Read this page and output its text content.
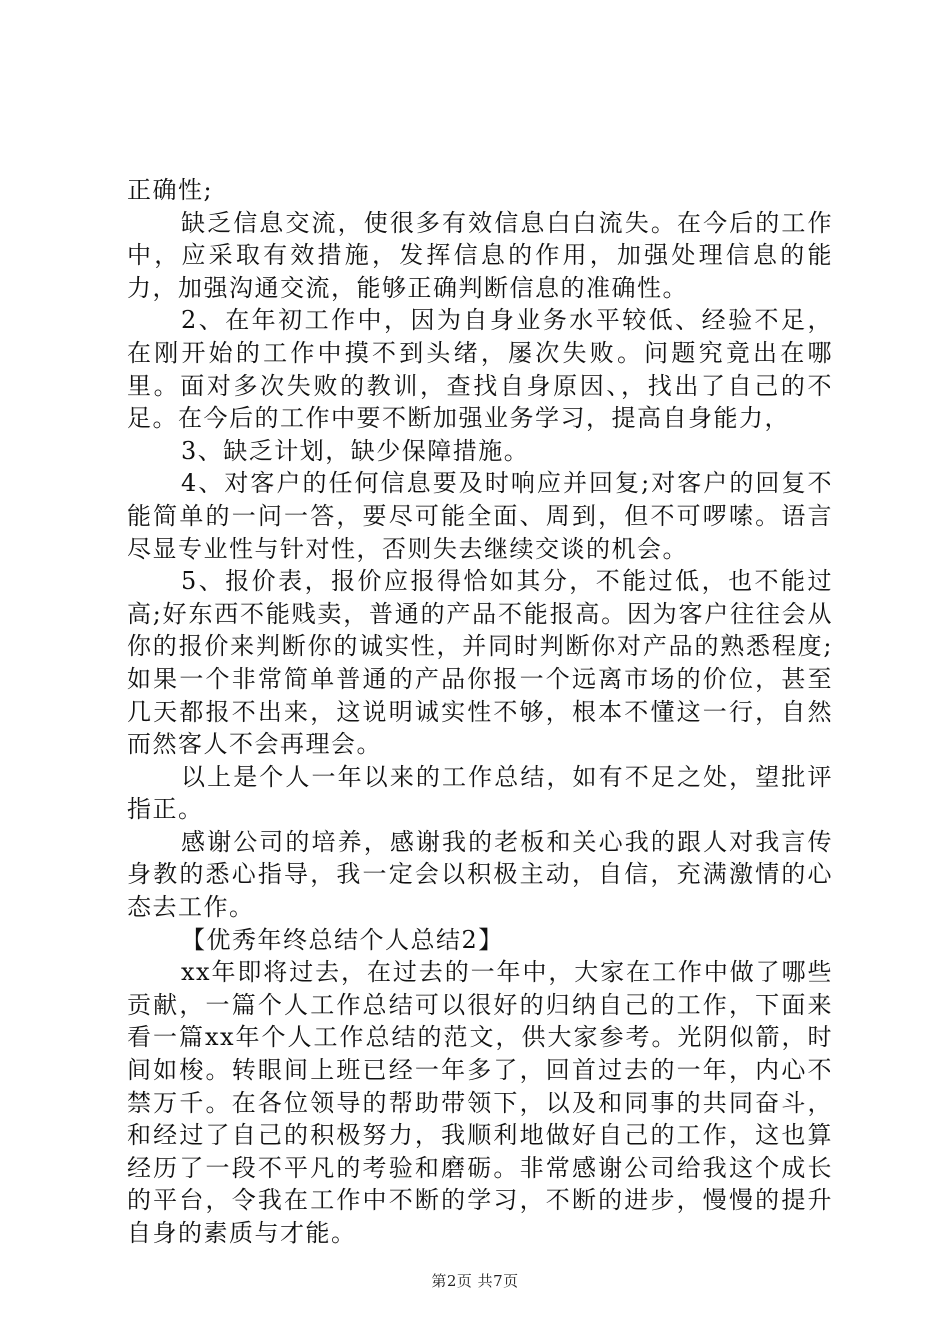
正确性;

缺乏信息交流，使很多有效信息白白流失。在今后的工作中，应采取有效措施，发挥信息的作用，加强处理信息的能力，加强沟通交流，能够正确判断信息的准确性。

2、在年初工作中，因为自身业务水平较低、经验不足，在刚开始的工作中摸不到头绪，屡次失败。问题究竟出在哪里。面对多次失败的教训，查找自身原因、，找出了自己的不足。在今后的工作中要不断加强业务学习，提高自身能力，

3、缺乏计划，缺少保障措施。

4、对客户的任何信息要及时响应并回复;对客户的回复不能简单的一问一答，要尽可能全面、周到，但不可啰嗦。语言尽显专业性与针对性，否则失去继续交谈的机会。

5、报价表，报价应报得恰如其分，不能过低，也不能过高;好东西不能贱卖，普通的产品不能报高。因为客户往往会从你的报价来判断你的诚实性，并同时判断你对产品的熟悉程度;如果一个非常简单普通的产品你报一个远离市场的价位，甚至几天都报不出来，这说明诚实性不够，根本不懂这一行，自然而然客人不会再理会。

以上是个人一年以来的工作总结，如有不足之处，望批评指正。

感谢公司的培养，感谢我的老板和关心我的跟人对我言传身教的悉心指导，我一定会以积极主动，自信，充满激情的心态去工作。

【优秀年终总结个人总结2】

xx年即将过去，在过去的一年中，大家在工作中做了哪些贡献，一篇个人工作总结可以很好的归纳自己的工作，下面来看一篇xx年个人工作总结的范文，供大家参考。光阴似箭，时间如梭。转眼间上班已经一年多了，回首过去的一年，内心不禁万千。在各位领导的帮助带领下，以及和同事的共同奋斗，和经过了自己的积极努力，我顺利地做好自己的工作，这也算经历了一段不平凡的考验和磨砺。非常感谢公司给我这个成长的平台，令我在工作中不断的学习，不断的进步，慢慢的提升自身的素质与才能。

第2页 共7页
